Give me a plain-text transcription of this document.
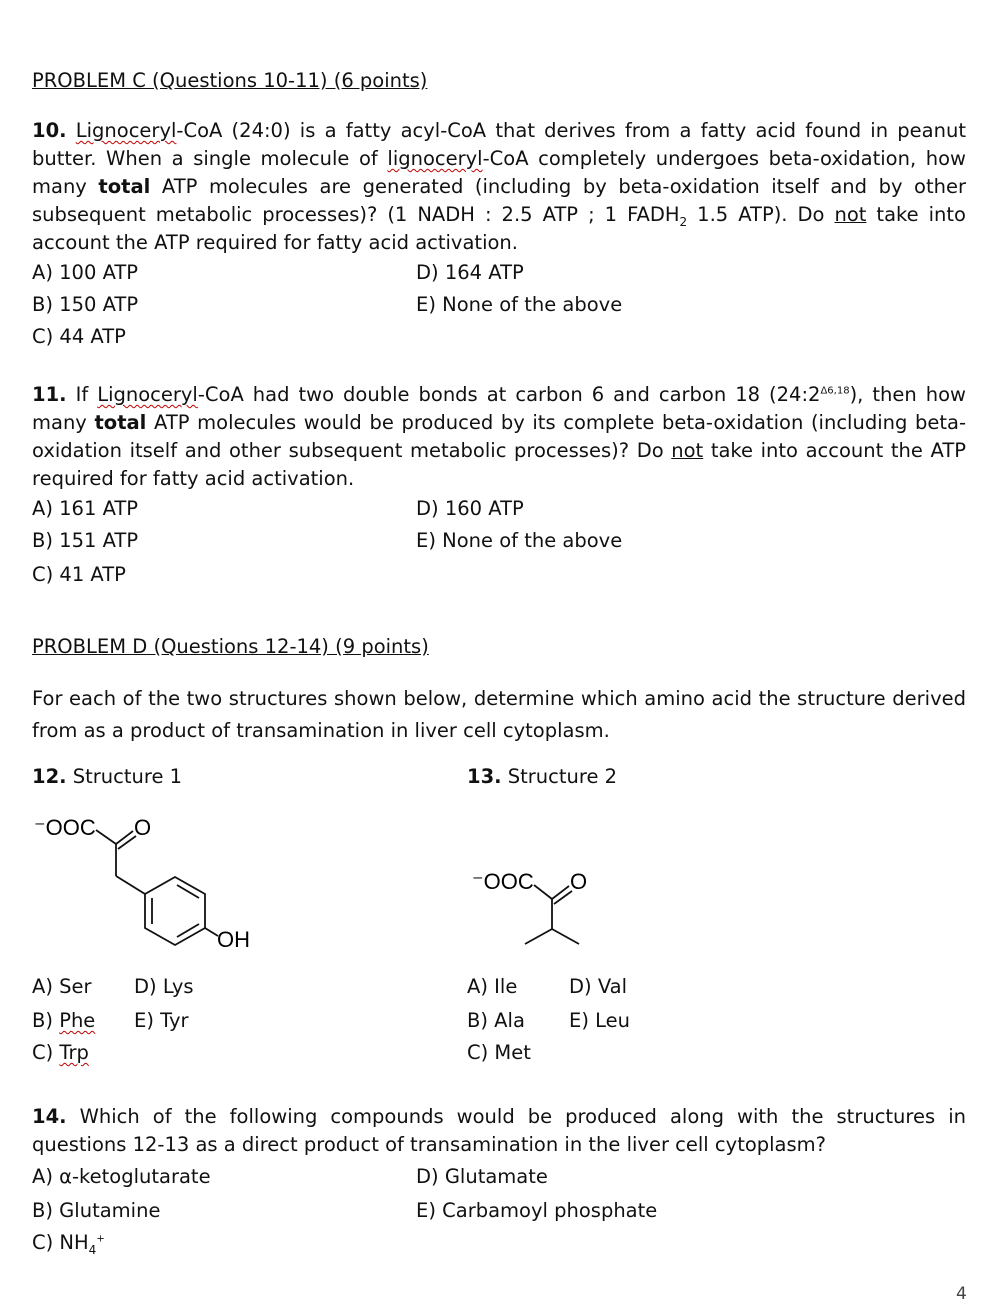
PROBLEM C (Questions 10-11) (6 points)
10. Lignoceryl-CoA (24:0) is a fatty acyl-CoA that derives from a fatty acid found in peanut butter. When a single molecule of lignoceryl-CoA completely undergoes beta-oxidation, how many total ATP molecules are generated (including by beta-oxidation itself and by other subsequent metabolic processes)? (1 NADH : 2.5 ATP ; 1 $FADH_2$ 1.5 ATP). Do not take into account the ATP required for fatty acid activation.
A) 100 ATP
B) 150 ATP
C) 44 ATP
D) 164 ATP
E) None of the above
11. If Lignoceryl-CoA had two double bonds at carbon 6 and carbon 18 $(24:2^{\Delta 6,18})$, then how many total ATP molecules would be produced by its complete beta-oxidation (including beta-oxidation itself and other subsequent metabolic processes)? Do not take into account the ATP required for fatty acid activation.
A) 161 ATP
B) 151 ATP
C) 41 ATP
D) 160 ATP
E) None of the above
PROBLEM D (Questions 12-14) (9 points)
For each of the two structures shown below, determine which amino acid the structure derived from as a product of transamination in liver cell cytoplasm.
12. Structure 1	13. Structure 2
⁻OOC O
OH
⁻OOC O
A) Ser
B) Phe
C) Trp
D) Lys
E) Tyr
A) Ile
B) Ala
C) Met
D) Val
E) Leu
14. Which of the following compounds would be produced along with the structures in questions 12-13 as a direct product of transamination in the liver cell cytoplasm?
A) α-ketoglutarate
B) Glutamine
C) $NH_4^+$
D) Glutamate
E) Carbamoyl phosphate
4
